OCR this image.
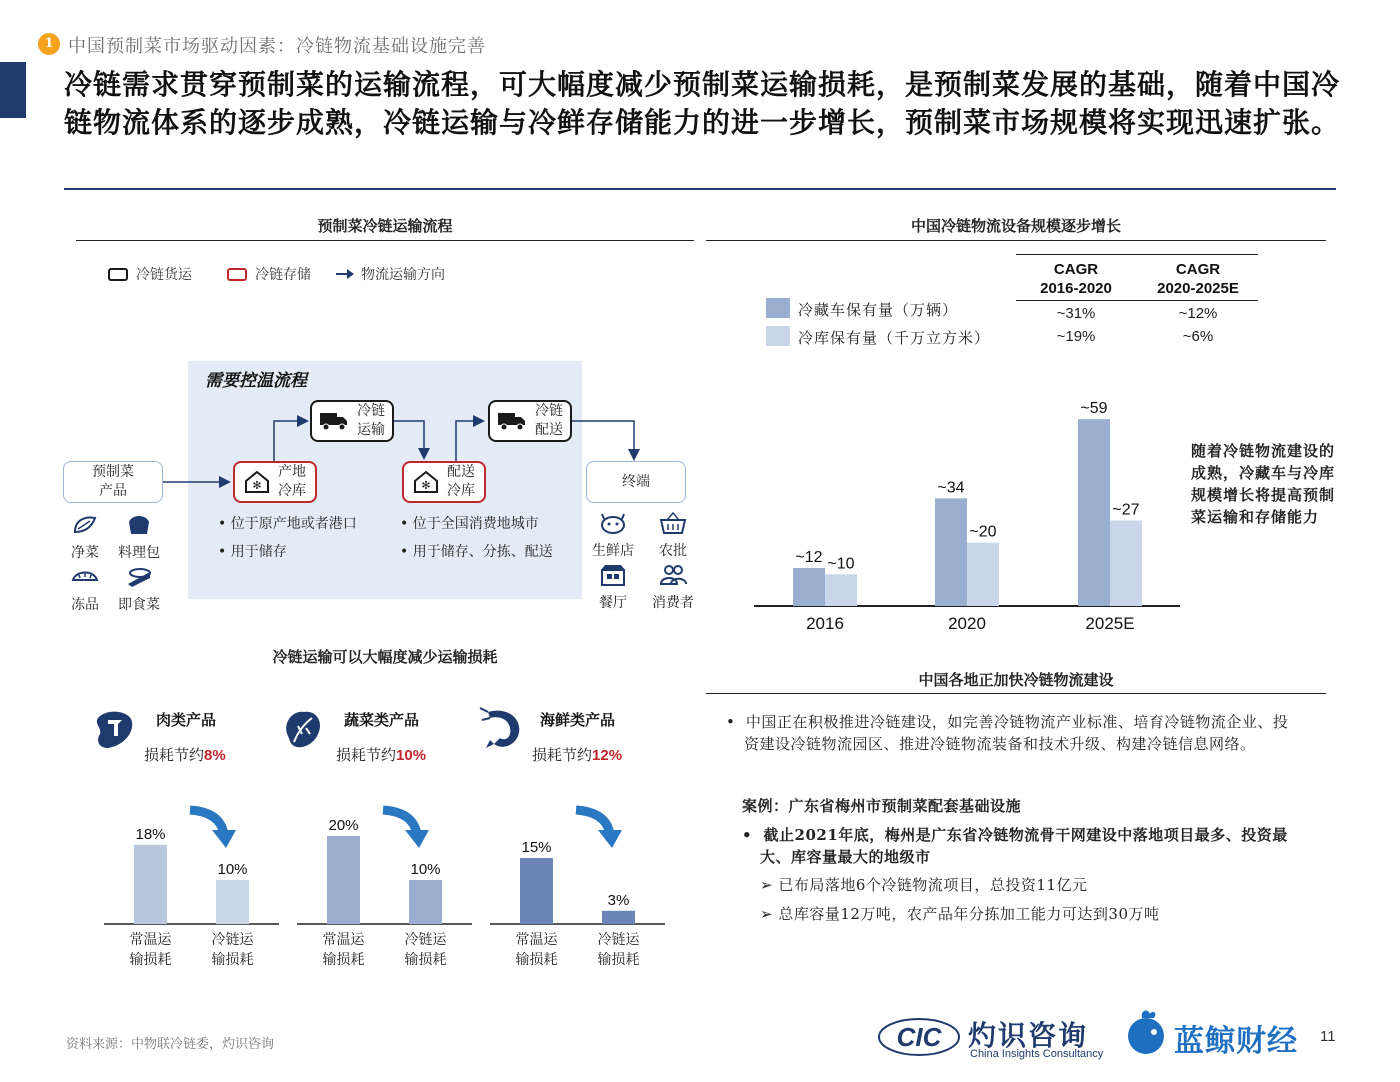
1 中国预制菜市场驱动因素：冷链物流基础设施完善
冷链需求贯穿预制菜的运输流程，可大幅度减少预制菜运输损耗，是预制菜发展的基础，随着中国冷链物流体系的逐步成熟，冷链运输与冷鲜存储能力的进一步增长，预制菜市场规模将实现迅速扩张。
预制菜冷链运输流程
冷链货运	冷链存储	物流运输方向
需要控温流程
预制菜
产品	✻
产地
冷库
冷链
运输
✻
配送
冷库
冷链
配送
终端
• 位于原产地或者港口
• 用于储存
• 位于全国消费地城市
• 用于储存、分拣、配送
净菜	料理包
冻品	即食菜
生鲜店	农批
餐厅	消费者
冷链运输可以大幅度减少运输损耗
肉类产品
损耗节约8%
蔬菜类产品
损耗节约10%
海鲜类产品
损耗节约12%
18%
常温运
输损耗
10%
冷链运
输损耗
20%
常温运
输损耗
10%
冷链运
输损耗
15%
常温运
输损耗
3%
冷链运
输损耗
中国冷链物流设备规模逐步增长
CAGR
2016-2020
CAGR
2020-2025E
冷藏车保有量（万辆）	~31%	~12%
冷库保有量（千万立方米）	~19%	~6%
~12 ~10
2016
~34
~20
2020
~59
~27
2025E
随着冷链物流建设的成熟，冷藏车与冷库规模增长将提高预制菜运输和存储能力
中国各地正加快冷链物流建设
•  中国正在积极推进冷链建设，如完善冷链物流产业标准、培育冷链物流企业、投资建设冷链物流园区、推进冷链物流装备和技术升级、构建冷链信息网络。
案例：广东省梅州市预制菜配套基础设施
•  截止2021年底，梅州是广东省冷链物流骨干网建设中落地项目最多、投资最大、库容量最大的地级市
➢ 已布局落地6个冷链物流项目，总投资11亿元
➢ 总库容量12万吨，农产品年分拣加工能力可达到30万吨
资料来源：中物联冷链委，灼识咨询	CIC 灼识咨询
China Insights Consultancy 蓝鲸财经 11
